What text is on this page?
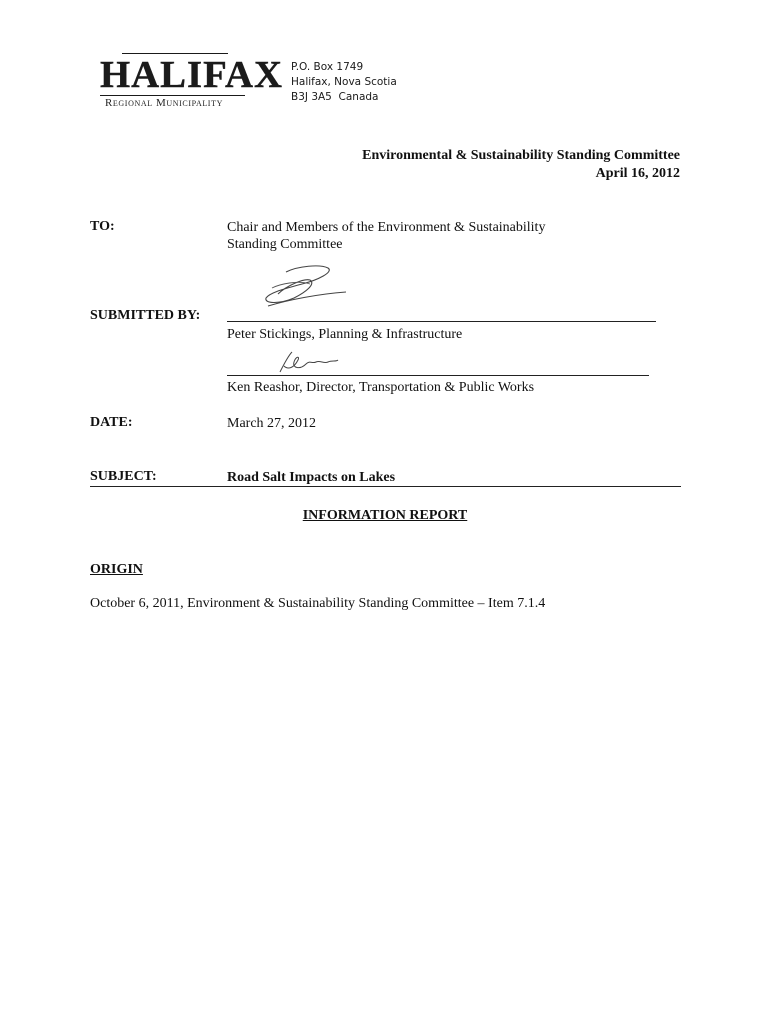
HALIFAX
Regional Municipality
P.O. Box 1749
Halifax, Nova Scotia
B3J 3A5  Canada
Environmental & Sustainability Standing Committee
April 16, 2012
TO:	Chair and Members of the Environment & Sustainability
Standing Committee
SUBMITTED BY:
Peter Stickings, Planning & Infrastructure
Ken Reashor, Director, Transportation & Public Works
DATE:	March 27, 2012
SUBJECT:	Road Salt Impacts on Lakes
INFORMATION REPORT
ORIGIN
October 6, 2011, Environment & Sustainability Standing Committee – Item 7.1.4
